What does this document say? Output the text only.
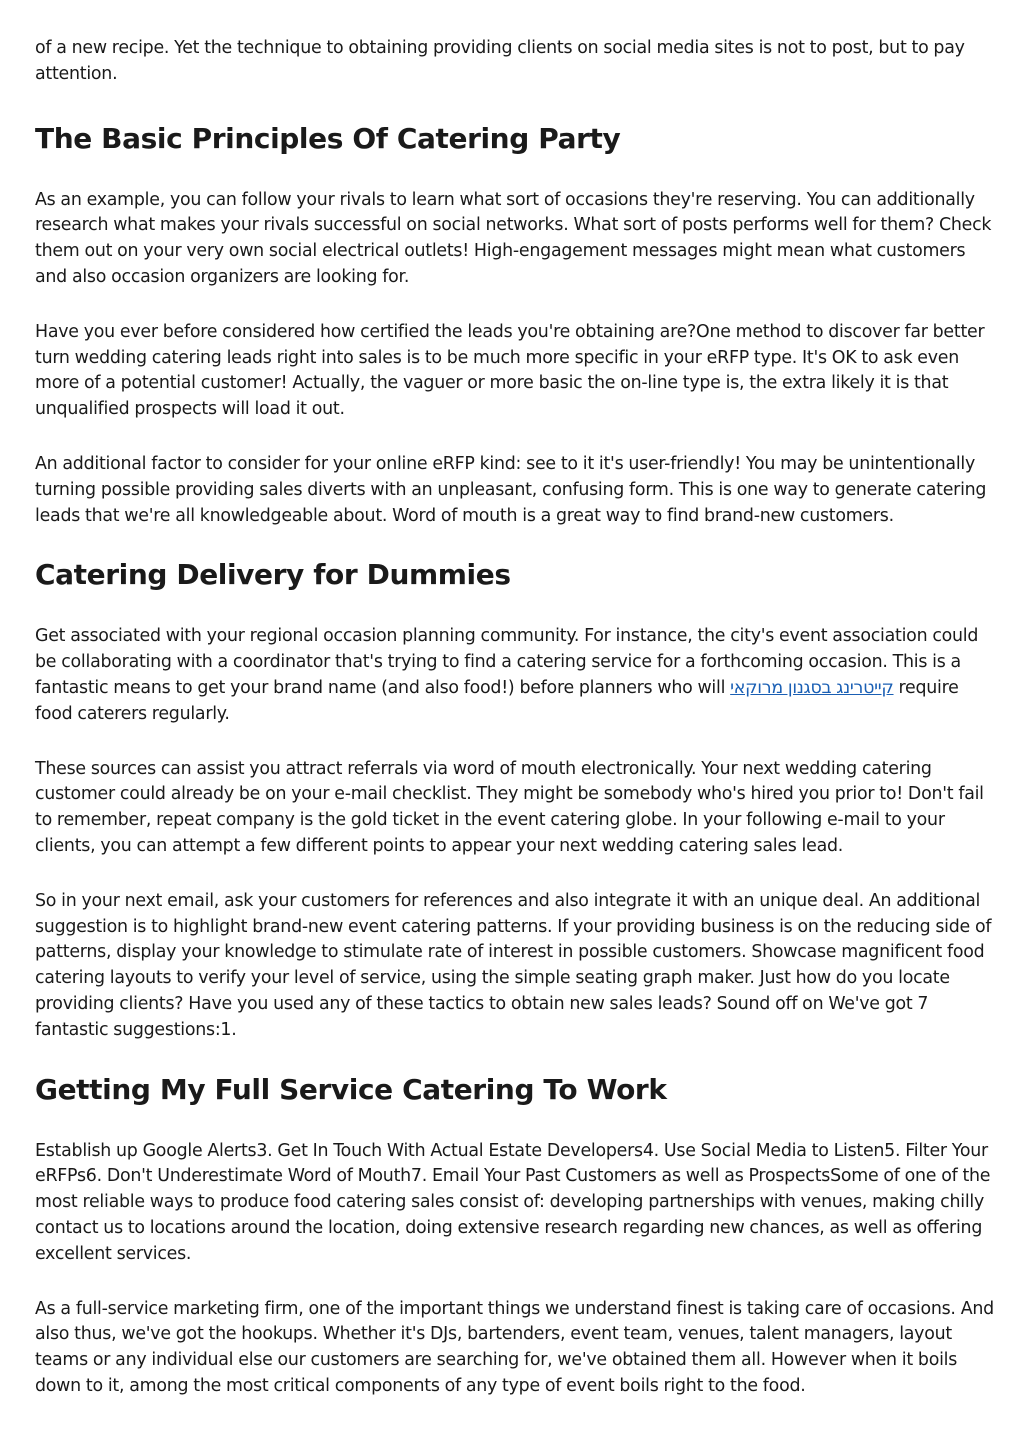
of a new recipe. Yet the technique to obtaining providing clients on social media sites is not to post, but to pay attention.

The Basic Principles Of Catering Party

As an example, you can follow your rivals to learn what sort of occasions they're reserving. You can additionally research what makes your rivals successful on social networks. What sort of posts performs well for them? Check them out on your very own social electrical outlets! High-engagement messages might mean what customers and also occasion organizers are looking for.

Have you ever before considered how certified the leads you're obtaining are?One method to discover far better turn wedding catering leads right into sales is to be much more specific in your eRFP type. It's OK to ask even more of a potential customer! Actually, the vaguer or more basic the on-line type is, the extra likely it is that unqualified prospects will load it out.

An additional factor to consider for your online eRFP kind: see to it it's user-friendly! You may be unintentionally turning possible providing sales diverts with an unpleasant, confusing form. This is one way to generate catering leads that we're all knowledgeable about. Word of mouth is a great way to find brand-new customers.

Catering Delivery for Dummies

Get associated with your regional occasion planning community. For instance, the city's event association could be collaborating with a coordinator that's trying to find a catering service for a forthcoming occasion. This is a fantastic means to get your brand name (and also food!) before planners who will קייטרינג בסגנון מרוקאי require food caterers regularly.

These sources can assist you attract referrals via word of mouth electronically. Your next wedding catering customer could already be on your e-mail checklist. They might be somebody who's hired you prior to! Don't fail to remember, repeat company is the gold ticket in the event catering globe. In your following e-mail to your clients, you can attempt a few different points to appear your next wedding catering sales lead.

So in your next email, ask your customers for references and also integrate it with an unique deal. An additional suggestion is to highlight brand-new event catering patterns. If your providing business is on the reducing side of patterns, display your knowledge to stimulate rate of interest in possible customers. Showcase magnificent food catering layouts to verify your level of service, using the simple seating graph maker. Just how do you locate providing clients? Have you used any of these tactics to obtain new sales leads? Sound off on We've got 7 fantastic suggestions:1.

Getting My Full Service Catering To Work

Establish up Google Alerts3. Get In Touch With Actual Estate Developers4. Use Social Media to Listen5. Filter Your eRFPs6. Don't Underestimate Word of Mouth7. Email Your Past Customers as well as ProspectsSome of one of the most reliable ways to produce food catering sales consist of: developing partnerships with venues, making chilly contact us to locations around the location, doing extensive research regarding new chances, as well as offering excellent services.

As a full-service marketing firm, one of the important things we understand finest is taking care of occasions. And also thus, we've got the hookups. Whether it's DJs, bartenders, event team, venues, talent managers, layout teams or any individual else our customers are searching for, we've obtained them all. However when it boils down to it, among the most critical components of any type of event boils right to the food.
